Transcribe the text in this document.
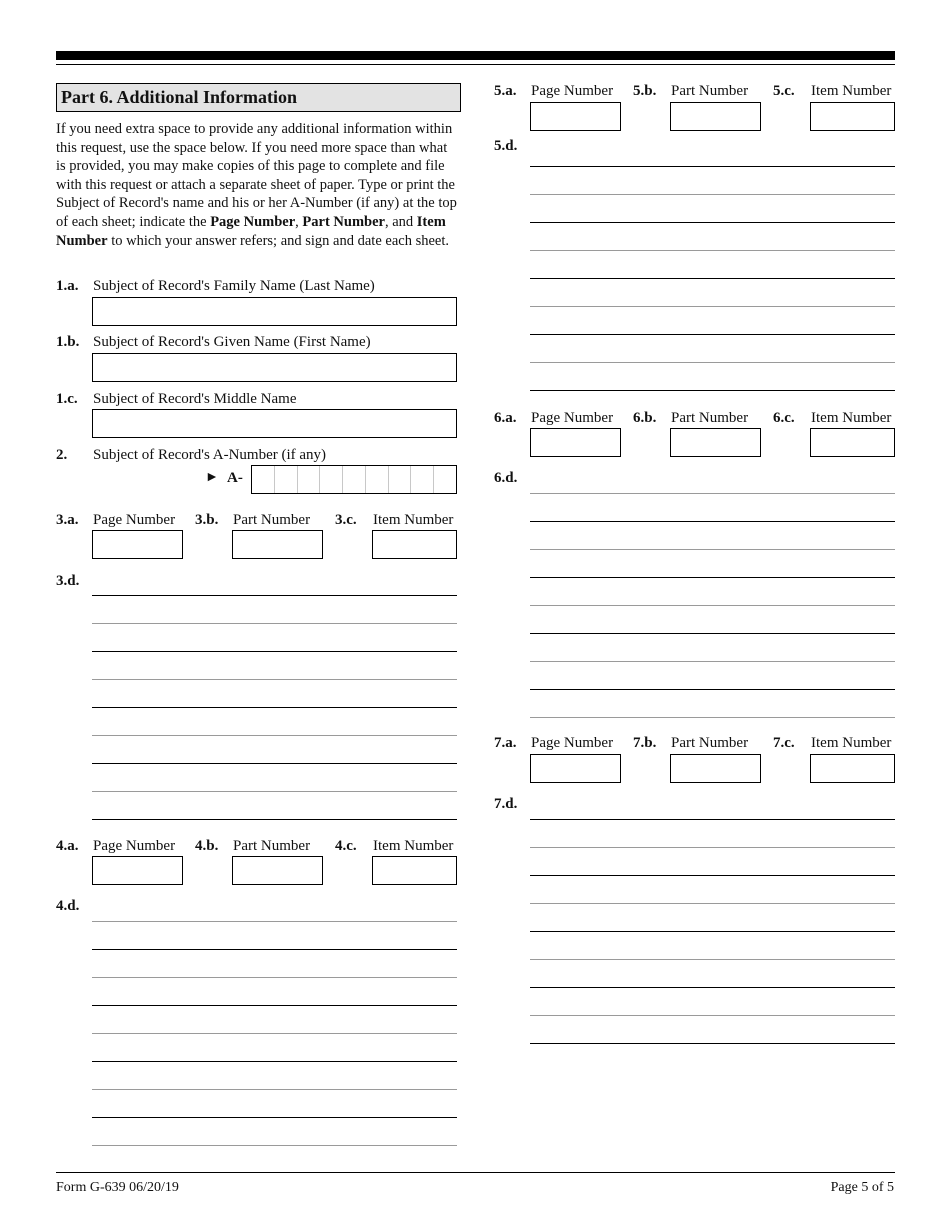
Part 6. Additional Information
If you need extra space to provide any additional information within this request, use the space below. If you need more space than what is provided, you may make copies of this page to complete and file with this request or attach a separate sheet of paper. Type or print the Subject of Record's name and his or her A-Number (if any) at the top of each sheet; indicate the Page Number, Part Number, and Item Number to which your answer refers; and sign and date each sheet.
1.a. Subject of Record's Family Name (Last Name)
1.b. Subject of Record's Given Name (First Name)
1.c. Subject of Record's Middle Name
2. Subject of Record's A-Number (if any)
► A-
3.a. Page Number 3.b. Part Number 3.c. Item Number
3.d.
4.a. Page Number 4.b. Part Number 4.c. Item Number
4.d.
5.a. Page Number 5.b. Part Number 5.c. Item Number
5.d.
6.a. Page Number 6.b. Part Number 6.c. Item Number
6.d.
7.a. Page Number 7.b. Part Number 7.c. Item Number
7.d.
Form G-639 06/20/19	Page 5 of 5
